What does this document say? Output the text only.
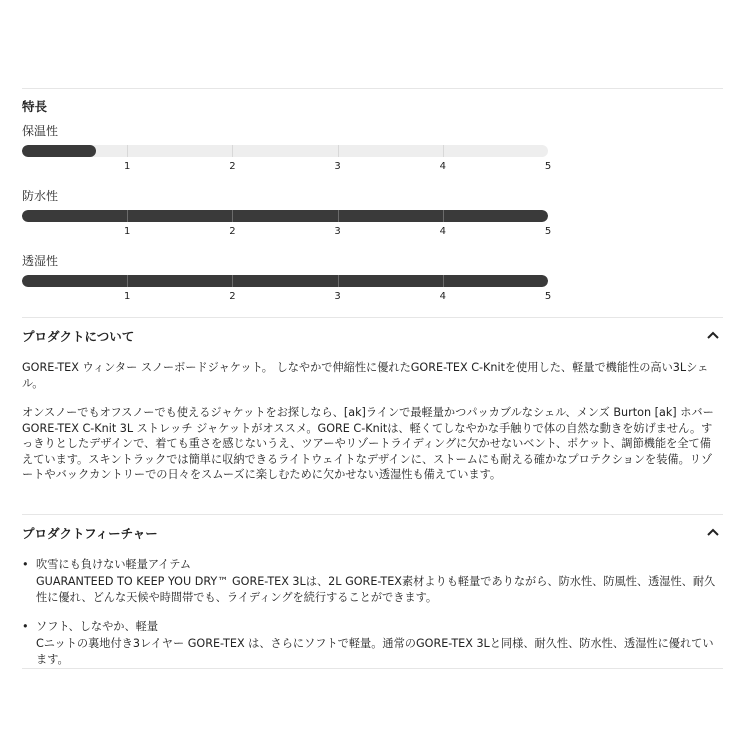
特長
保温性
防水性
透湿性
プロダクトについて

GORE-TEX ウィンター スノーボードジャケット。 しなやかで伸縮性に優れたGORE-TEX C-Knitを使用した、軽量で機能性の高い3Lシェル。

オンスノーでもオフスノーでも使えるジャケットをお探しなら、[ak]ラインで最軽量かつパッカブルなシェル、メンズ Burton [ak] ホバー
GORE-TEX C-Knit 3L ストレッチ ジャケットがオススメ。GORE C-Knitは、軽くてしなやかな手触りで体の自然な動きを妨げません。す
っきりとしたデザインで、着ても重さを感じないうえ、ツアーやリゾートライディングに欠かせないベント、ポケット、調節機能を全て備
えています。スキントラックでは簡単に収納できるライトウェイトなデザインに、ストームにも耐える確かなプロテクションを装備。リゾ
ートやバックカントリーでの日々をスムーズに楽しむために欠かせない透湿性も備えています。

プロダクトフィーチャー
• 吹雪にも負けない軽量アイテム
GUARANTEED TO KEEP YOU DRY™ GORE-TEX 3Lは、2L GORE-TEX素材よりも軽量でありながら、防水性、防風性、透湿性、耐久
性に優れ、どんな天候や時間帯でも、ライディングを続行することができます。
• ソフト、しなやか、軽量
Cニットの裏地付き3レイヤー GORE-TEX は、さらにソフトで軽量。通常のGORE-TEX 3Lと同様、耐久性、防水性、透湿性に優れてい
ます。
1	2	3	4	5
1	2	3	4	5
1	2	3	4	5
